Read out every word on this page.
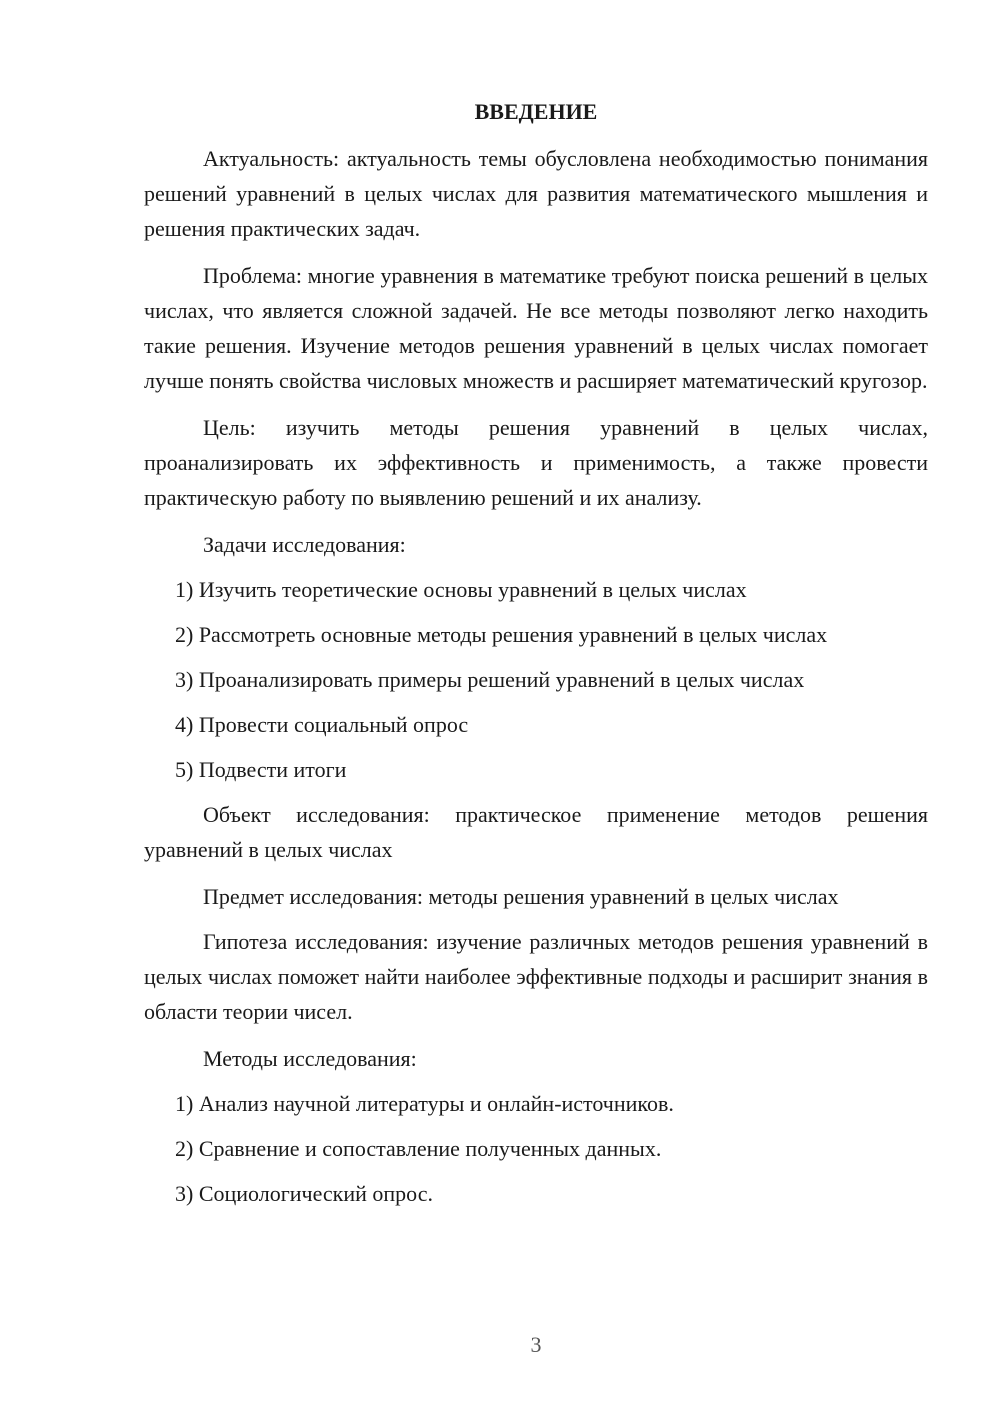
ВВЕДЕНИЕ

Актуальность: актуальность темы обусловлена необходимостью понимания решений уравнений в целых числах для развития математического мышления и решения практических задач.

Проблема: многие уравнения в математике требуют поиска решений в целых числах, что является сложной задачей. Не все методы позволяют легко находить такие решения. Изучение методов решения уравнений в целых числах помогает лучше понять свойства числовых множеств и расширяет математический кругозор.

Цель: изучить методы решения уравнений в целых числах, проанализировать их эффективность и применимость, а также провести практическую работу по выявлению решений и их анализу.

Задачи исследования:

1) Изучить теоретические основы уравнений в целых числах
2) Рассмотреть основные методы решения уравнений в целых числах
3) Проанализировать примеры решений уравнений в целых числах
4) Провести социальный опрос
5) Подвести итоги

Объект исследования: практическое применение методов решения уравнений в целых числах

Предмет исследования: методы решения уравнений в целых числах

Гипотеза исследования: изучение различных методов решения уравнений в целых числах поможет найти наиболее эффективные подходы и расширит знания в области теории чисел.

Методы исследования:

1) Анализ научной литературы и онлайн-источников.
2) Сравнение и сопоставление полученных данных.
3) Социологический опрос.
3
